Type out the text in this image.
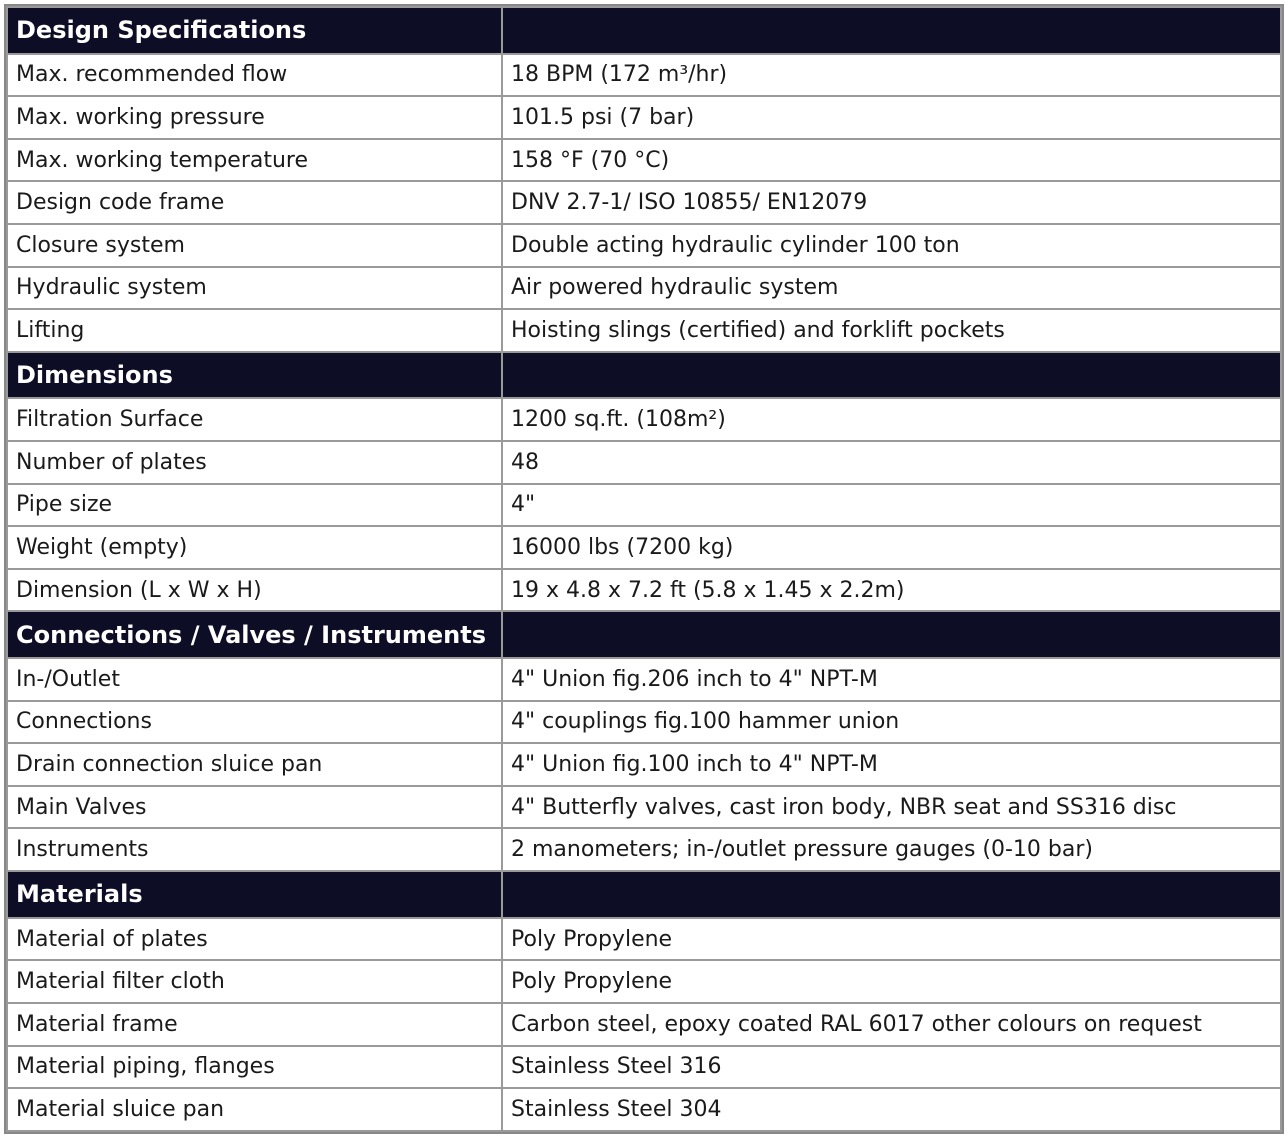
Design Specifications	
Max. recommended flow	18 BPM (172 m³/hr)
Max. working pressure	101.5 psi (7 bar)
Max. working temperature	158 °F (70 °C)
Design code frame	DNV 2.7-1/ ISO 10855/ EN12079
Closure system	Double acting hydraulic cylinder 100 ton
Hydraulic system	Air powered hydraulic system
Lifting	Hoisting slings (certified) and forklift pockets
Dimensions	
Filtration Surface	1200 sq.ft. (108m²)
Number of plates	48
Pipe size	4"
Weight (empty)	16000 lbs (7200 kg)
Dimension (L x W x H)	19 x 4.8 x 7.2 ft (5.8 x 1.45 x 2.2m)
Connections / Valves / Instruments	
In-/Outlet	4" Union fig.206 inch to 4" NPT-M
Connections	4" couplings fig.100 hammer union
Drain connection sluice pan	4" Union fig.100 inch to 4" NPT-M
Main Valves	4" Butterfly valves, cast iron body, NBR seat and SS316 disc
Instruments	2 manometers; in-/outlet pressure gauges (0-10 bar)
Materials	
Material of plates	Poly Propylene
Material filter cloth	Poly Propylene
Material frame	Carbon steel, epoxy coated RAL 6017 other colours on request
Material piping, flanges	Stainless Steel 316
Material sluice pan	Stainless Steel 304
